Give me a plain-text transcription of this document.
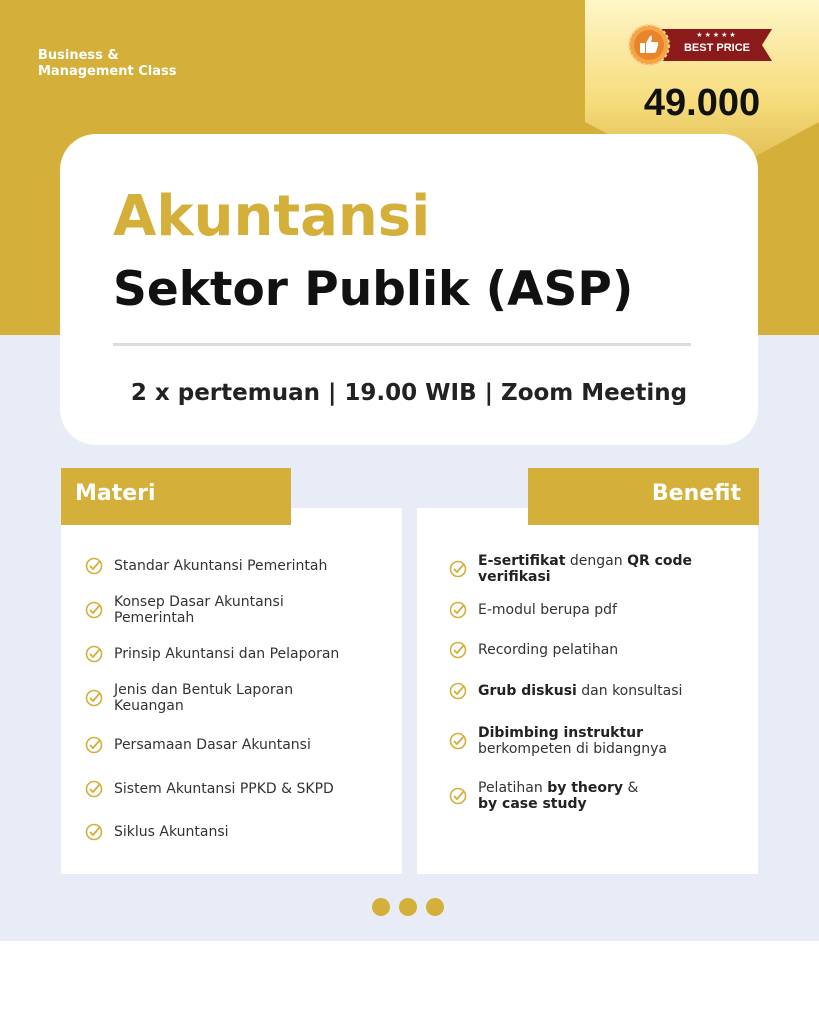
Business &
Management Class
★★★★★
BEST PRICE
49.000
Akuntansi
Sektor Publik (ASP)
2 x pertemuan | 19.00 WIB | Zoom Meeting
Materi	Benefit
Standar Akuntansi Pemerintah
Konsep Dasar Akuntansi
Pemerintah
Prinsip Akuntansi dan Pelaporan
Jenis dan Bentuk Laporan
Keuangan
Persamaan Dasar Akuntansi
Sistem Akuntansi PPKD & SKPD
Siklus Akuntansi
E-sertifikat dengan QR code
verifikasi
E-modul berupa pdf
Recording pelatihan
Grub diskusi dan konsultasi
Dibimbing instruktur
berkompeten di bidangnya
Pelatihan by theory &
by case study
